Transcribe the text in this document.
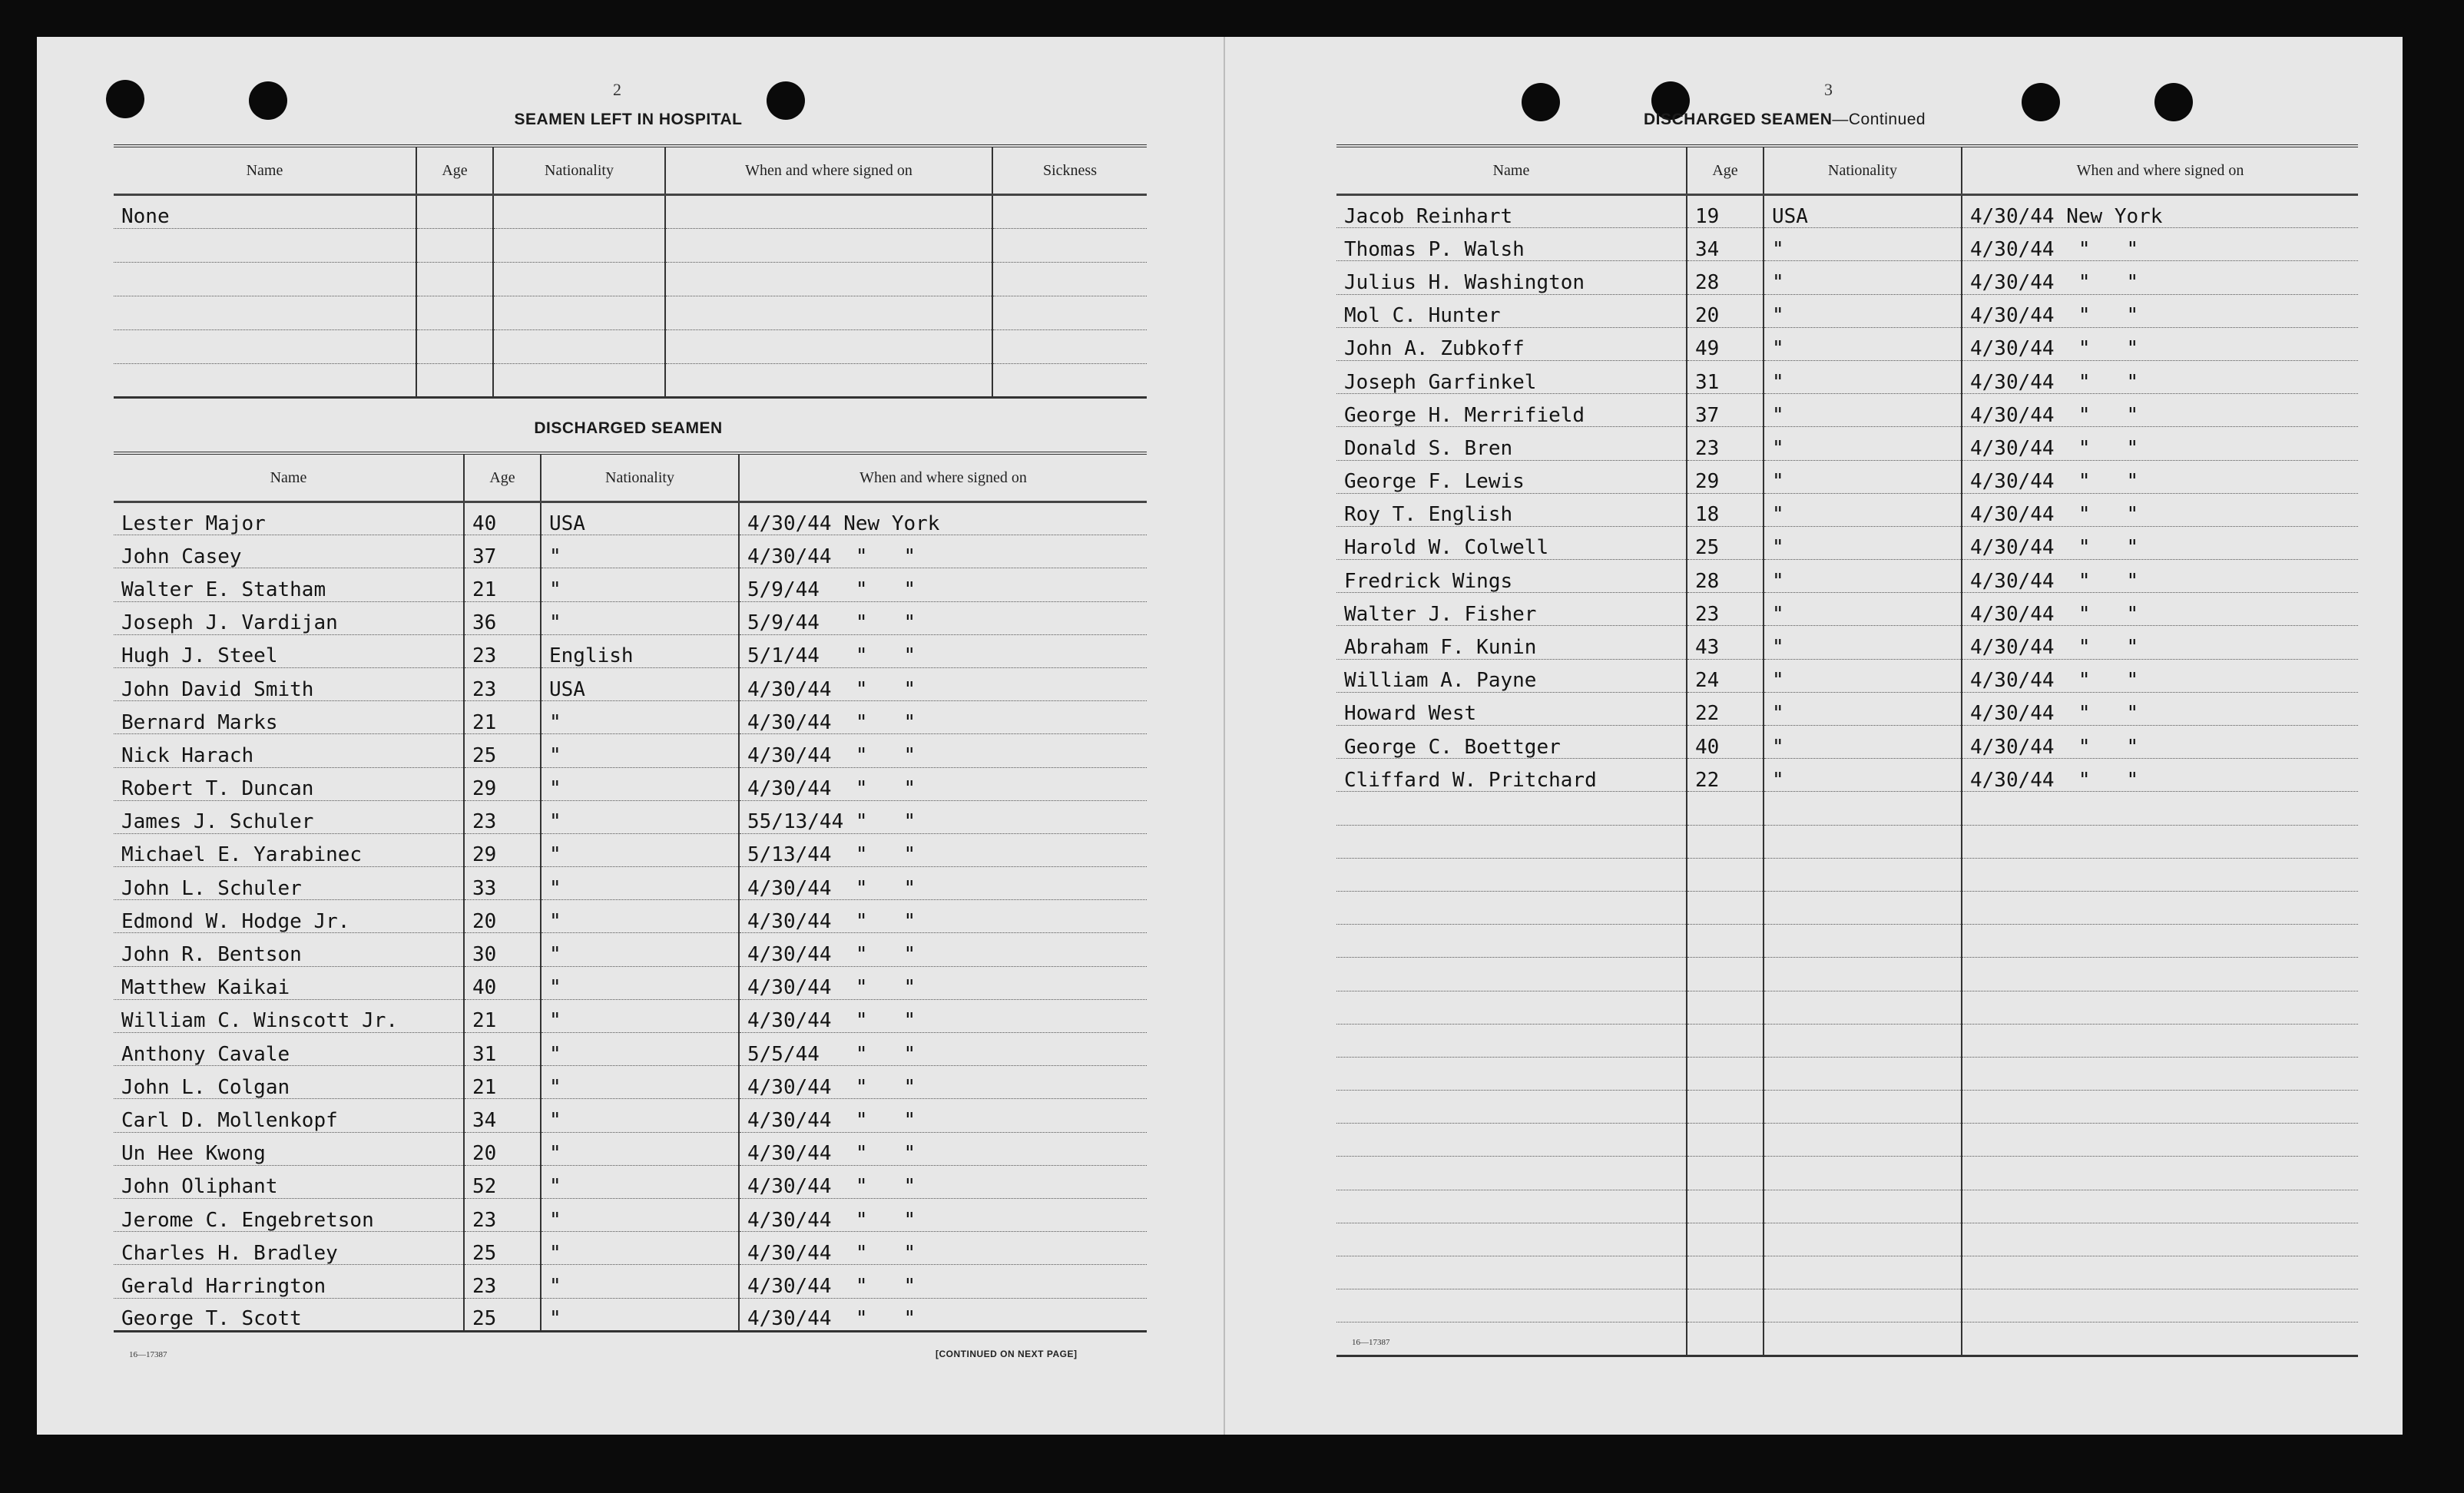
2
SEAMEN LEFT IN HOSPITAL
Name	Age	Nationality	When and where signed on	Sickness
None				

DISCHARGED SEAMEN
Name	Age	Nationality	When and where signed on
Lester Major	40	USA	4/30/44 New York
John Casey	37	"	4/30/44  "   "
Walter E. Statham	21	"	5/9/44   "   "
Joseph J. Vardijan	36	"	5/9/44   "   "
Hugh J. Steel	23	English	5/1/44   "   "
John David Smith	23	USA	4/30/44  "   "
Bernard Marks	21	"	4/30/44  "   "
Nick Harach	25	"	4/30/44  "   "
Robert T. Duncan	29	"	4/30/44  "   "
James J. Schuler	23	"	55/13/44 "   "
Michael E. Yarabinec	29	"	5/13/44  "   "
John L. Schuler	33	"	4/30/44  "   "
Edmond W. Hodge Jr.	20	"	4/30/44  "   "
John R. Bentson	30	"	4/30/44  "   "
Matthew Kaikai	40	"	4/30/44  "   "
William C. Winscott Jr.	21	"	4/30/44  "   "
Anthony Cavale	31	"	5/5/44   "   "
John L. Colgan	21	"	4/30/44  "   "
Carl D. Mollenkopf	34	"	4/30/44  "   "
Un Hee Kwong	20	"	4/30/44  "   "
John Oliphant	52	"	4/30/44  "   "
Jerome C. Engebretson	23	"	4/30/44  "   "
Charles H. Bradley	25	"	4/30/44  "   "
Gerald Harrington	23	"	4/30/44  "   "
George T. Scott	25	"	4/30/44  "   "
16—17387	[CONTINUED ON NEXT PAGE]
3
DISCHARGED SEAMEN—Continued
Name	Age	Nationality	When and where signed on
Jacob Reinhart	19	USA	4/30/44 New York
Thomas P. Walsh	34	"	4/30/44  "   "
Julius H. Washington	28	"	4/30/44  "   "
Mol C. Hunter	20	"	4/30/44  "   "
John A. Zubkoff	49	"	4/30/44  "   "
Joseph Garfinkel	31	"	4/30/44  "   "
George H. Merrifield	37	"	4/30/44  "   "
Donald S. Bren	23	"	4/30/44  "   "
George F. Lewis	29	"	4/30/44  "   "
Roy T. English	18	"	4/30/44  "   "
Harold W. Colwell	25	"	4/30/44  "   "
Fredrick Wings	28	"	4/30/44  "   "
Walter J. Fisher	23	"	4/30/44  "   "
Abraham F. Kunin	43	"	4/30/44  "   "
William A. Payne	24	"	4/30/44  "   "
Howard West	22	"	4/30/44  "   "
George C. Boettger	40	"	4/30/44  "   "
Cliffard W. Pritchard	22	"	4/30/44  "   "

16—17387
